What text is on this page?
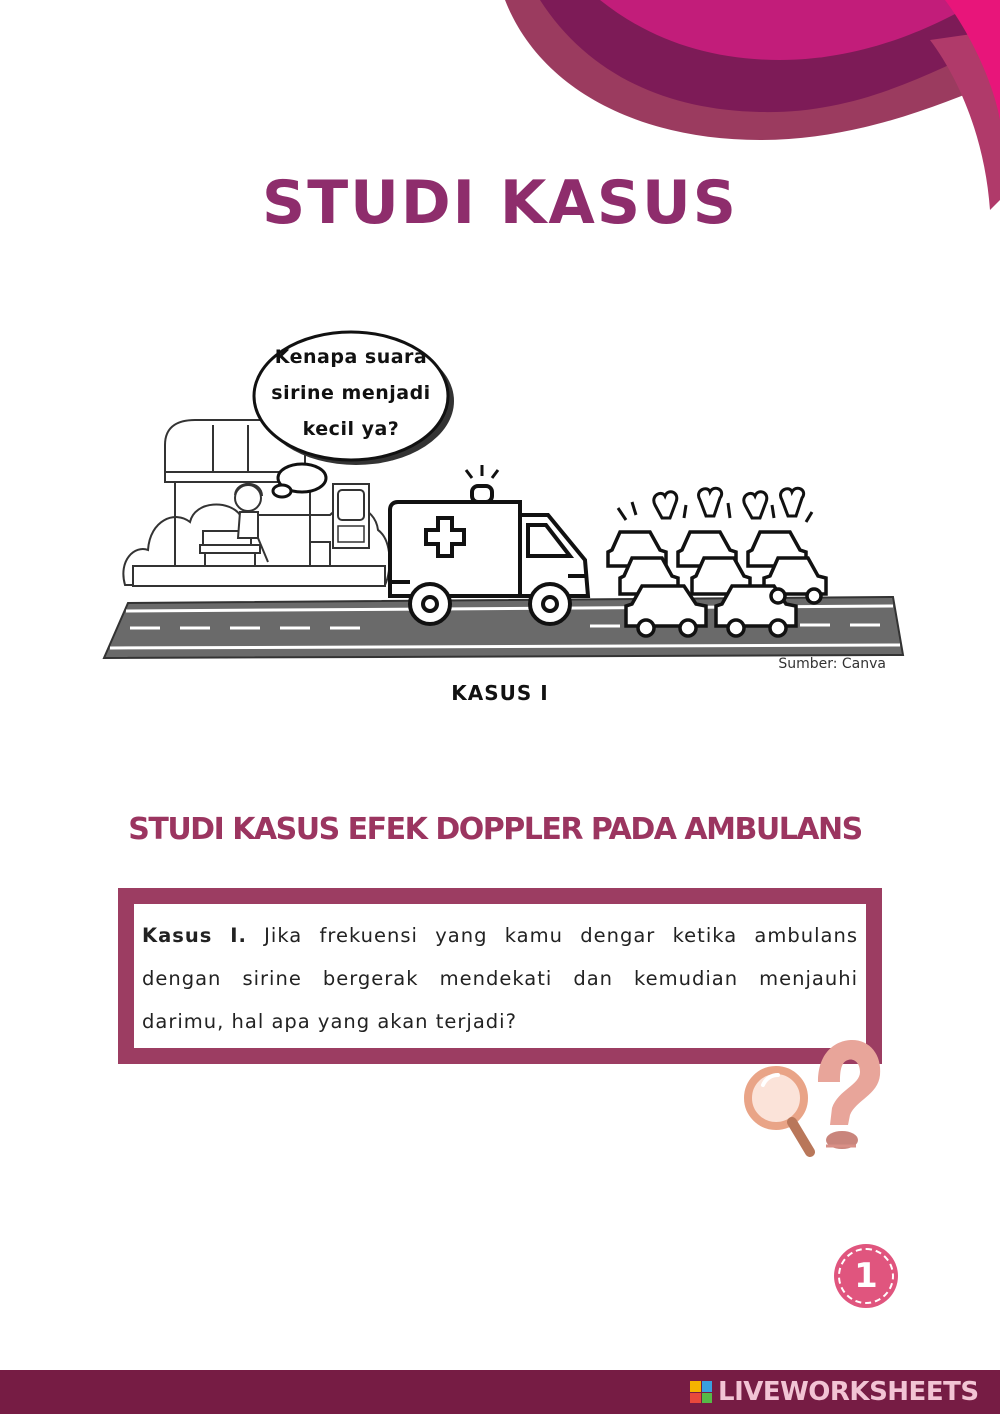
STUDI KASUS
Kenapa suara sirine menjadi kecil ya?
Sumber: Canva
KASUS I
STUDI KASUS EFEK DOPPLER PADA AMBULANS
Kasus I. Jika frekuensi yang kamu dengar ketika ambulans dengan sirine bergerak mendekati dan kemudian menjauhi darimu, hal apa yang akan terjadi?
1
LIVEWORKSHEETS
